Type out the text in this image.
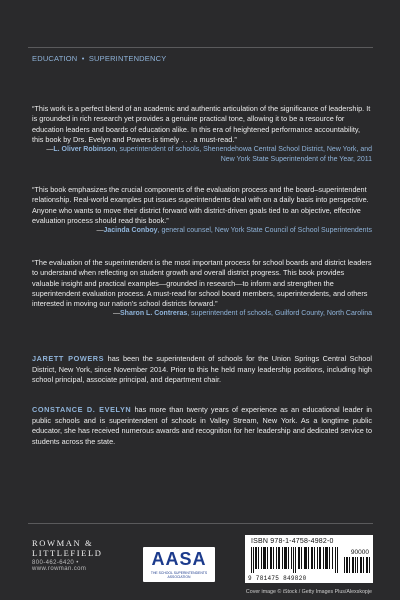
EDUCATION • SUPERINTENDENCY
“This work is a perfect blend of an academic and authentic articulation of the significance of leadership. It is grounded in rich research yet provides a genuine practical tone, allowing it to be a resource for education leaders and boards of education alike. In this era of heightened performance accountability, this book by Drs. Evelyn and Powers is timely . . . a must-read.”
—L. Oliver Robinson, superintendent of schools, Shenendehowa Central School District, New York, and New York State Superintendent of the Year, 2011
“This book emphasizes the crucial components of the evaluation process and the board–superintendent relationship. Real-world examples put issues superintendents deal with on a daily basis into perspective. Anyone who wants to move their district forward with district-driven goals tied to an objective, effective evaluation process should read this book.”
—Jacinda Conboy, general counsel, New York State Council of School Superintendents
“The evaluation of the superintendent is the most important process for school boards and district leaders to understand when reflecting on student growth and overall district progress. This book provides valuable insight and practical examples—grounded in research—to inform and strengthen the superintendent evaluation process. A must-read for school board members, superintendents, and others interested in moving our nation’s school districts forward.”
—Sharon L. Contreras, superintendent of schools, Guilford County, North Carolina
JARETT POWERS has been the superintendent of schools for the Union Springs Central School District, New York, since November 2014. Prior to this he held many leadership positions, including high school principal, associate principal, and department chair.
CONSTANCE D. EVELYN has more than twenty years of experience as an educational leader in public schools and is superintendent of schools in Valley Stream, New York. As a longtime public educator, she has received numerous awards and recognition for her leadership and dedicated service to students across the state.
ROWMAN &
LITTLEFIELD
800-462-6420 • www.rowman.com	AASA
THE SCHOOL SUPERINTENDENTS ASSOCIATION
ISBN 978-1-4758-4982-0
90000
9 781475 849820
Cover image © iStock / Getty Images Plus/Alexskopje
